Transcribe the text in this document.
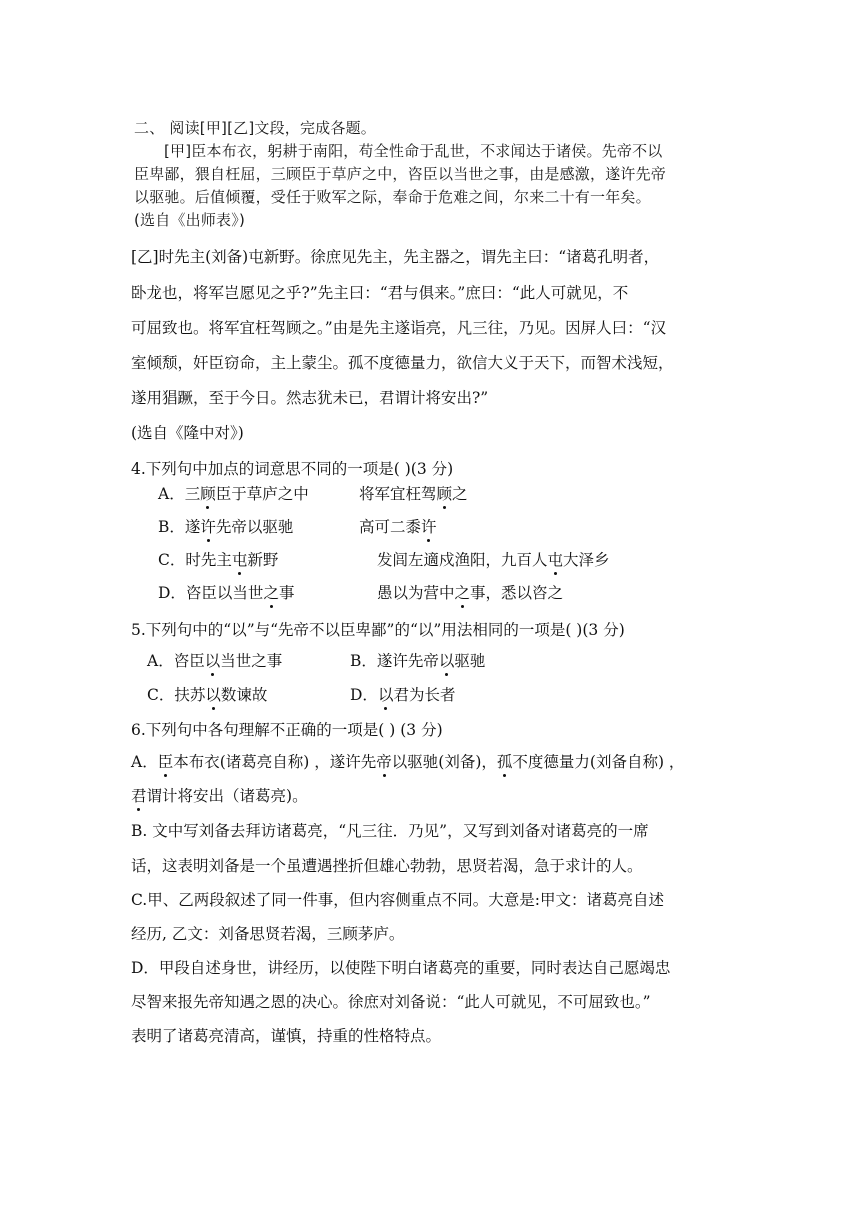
二、 阅读[甲][乙]文段，完成各题。
[甲]臣本布衣，躬耕于南阳，苟全性命于乱世，不求闻达于诸侯。先帝不以
臣卑鄙，猥自枉屈，三顾臣于草庐之中，咨臣以当世之事，由是感激，遂许先帝
以驱驰。后值倾覆，受任于败军之际，奉命于危难之间，尔来二十有一年矣。
(选自《出师表》)
[乙]时先主(刘备)屯新野。徐庶见先主，先主器之，谓先主曰：“诸葛孔明者，
卧龙也，将军岂愿见之乎?”先主曰：“君与俱来。”庶曰：“此人可就见，不
可屈致也。将军宜枉驾顾之。”由是先主遂诣亮，凡三往，乃见。因屏人曰：“汉
室倾颓，奸臣窃命，主上蒙尘。孤不度德量力，欲信大义于天下，而智术浅短，
遂用猖蹶，至于今日。然志犹未已，君谓计将安出?”
(选自《隆中对》)
4.下列句中加点的词意思不同的一项是( )(3 分)
A．三顾臣于草庐之中	将军宜枉驾顾之
B．遂许先帝以驱驰	高可二黍许
C．时先主屯新野	发闾左適戍渔阳，九百人屯大泽乡
D．咨臣以当世之事	愚以为营中之事，悉以咨之
5.下列句中的“以”与“先帝不以臣卑鄙”的“以”用法相同的一项是( )(3 分)
A．咨臣以当世之事	B．遂许先帝以驱驰
C．扶苏以数谏故	D．以君为长者
6.下列句中各句理解不正确的一项是( ) (3 分)
A．臣本布衣(诸葛亮自称) ，遂许先帝以驱驰(刘备)，孤不度德量力(刘备自称) ，
君谓计将安出（诸葛亮)。
B. 文中写刘备去拜访诸葛亮，“凡三往．乃见”，又写到刘备对诸葛亮的一席
话，这表明刘备是一个虽遭遇挫折但雄心勃勃，思贤若渴，急于求计的人。
C.甲、乙两段叙述了同一件事，但内容侧重点不同。大意是:甲文：诸葛亮自述
经历, 乙文：刘备思贤若渴，三顾茅庐。
D．甲段自述身世，讲经历，以使陛下明白诸葛亮的重要，同时表达自己愿竭忠
尽智来报先帝知遇之恩的决心。徐庶对刘备说：“此人可就见，不可屈致也。”
表明了诸葛亮清高，谨慎，持重的性格特点。
